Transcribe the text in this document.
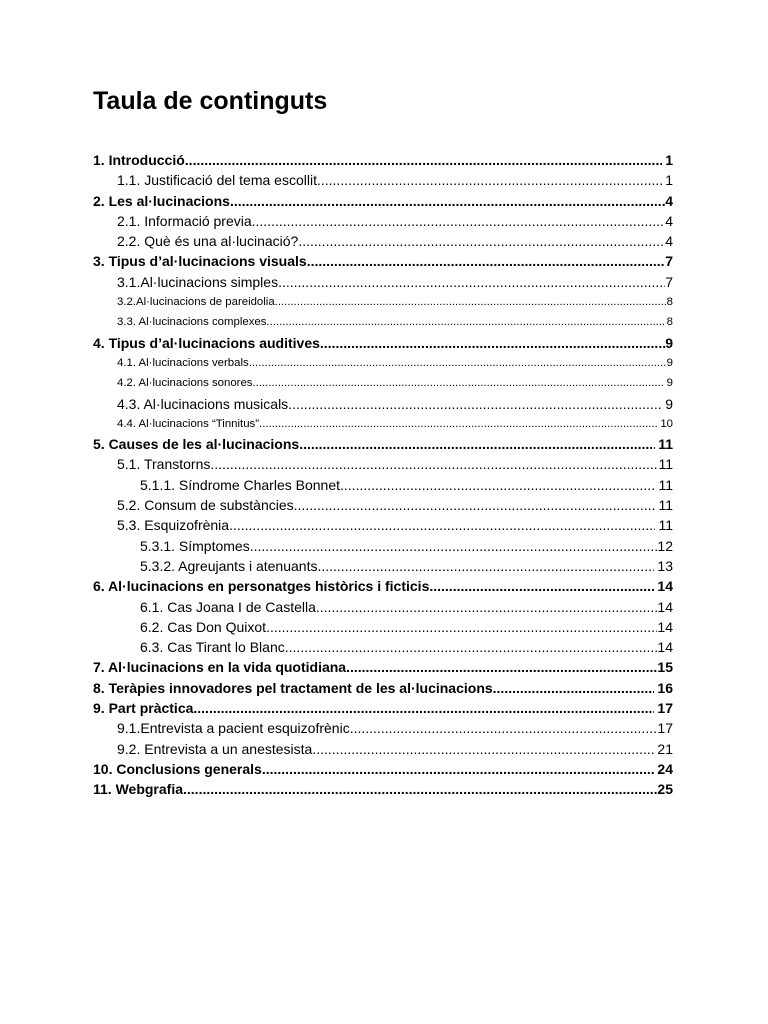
Taula de continguts
1. Introducció .....	1
1.1. Justificació del tema escollit .....	1
2. Les al·lucinacions .....	4
2.1. Informació previa .....	4
2.2. Què és una al·lucinació? .....	4
3. Tipus d’al·lucinacions visuals .....	7
3.1.Al·lucinacions simples .....	7
3.2.Al·lucinacions de pareidolia .....	8
3.3. Al·lucinacions complexes .....	8
4. Tipus d’al·lucinacions auditives .....	9
4.1. Al·lucinacions verbals .....	9
4.2. Al·lucinacions sonores .....	9
4.3. Al·lucinacions musicals .....	9
4.4. Al·lucinacions “Tinnitus” .....	10
5. Causes de les al·lucinacions .....	11
5.1. Transtorns .....	11
5.1.1. Síndrome Charles Bonnet .....	11
5.2. Consum de substàncies .....	11
5.3. Esquizofrènia .....	11
5.3.1. Símptomes .....	12
5.3.2. Agreujants i atenuants .....	13
6. Al·lucinacions en personatges històrics i ficticis .....	14
6.1. Cas Joana I de Castella .....	14
6.2. Cas Don Quixot .....	14
6.3. Cas Tirant lo Blanc .....	14
7. Al·lucinacions en la vida quotidiana .....	15
8. Teràpies innovadores pel tractament de les al·lucinacions .....	16
9. Part pràctica .....	17
9.1.Entrevista a pacient esquizofrènic .....	17
9.2. Entrevista a un anestesista .....	21
10. Conclusions generals .....	24
11. Webgrafia .....	25
